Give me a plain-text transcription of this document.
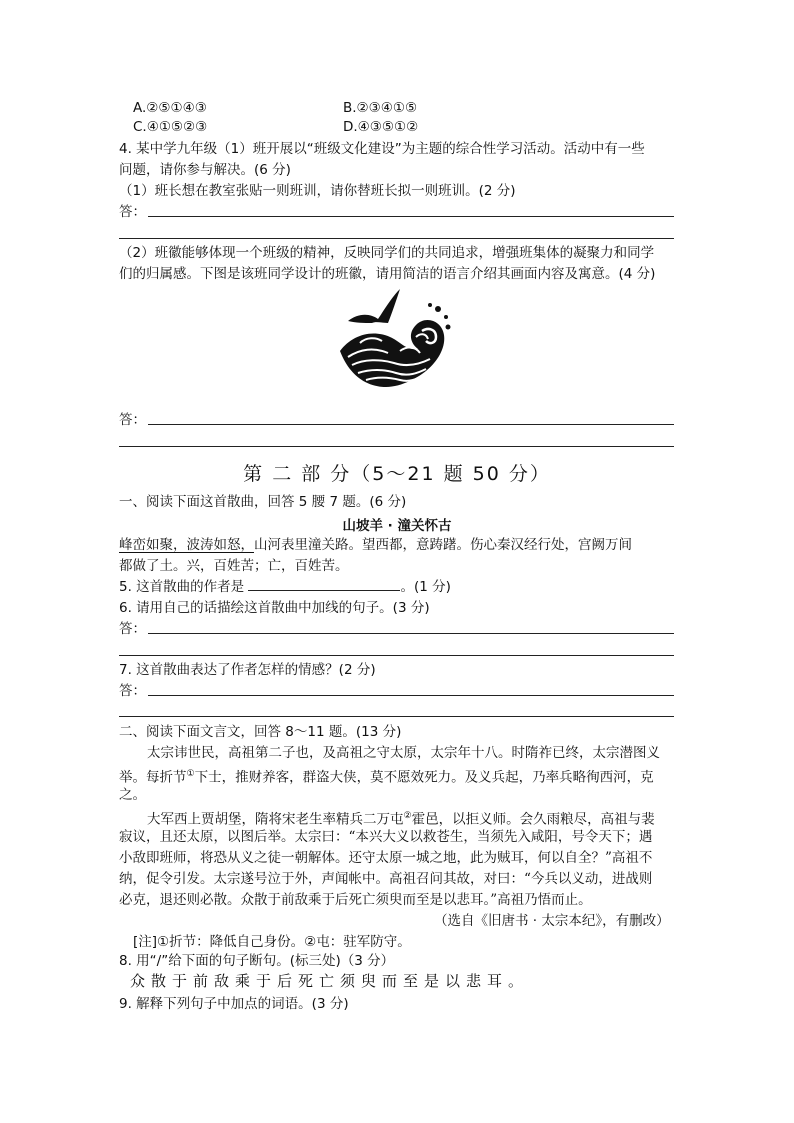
A.②⑤①④③	B.②③④①⑤
C.④①⑤②③	D.④③⑤①②
4. 某中学九年级（1）班开展以“班级文化建设”为主题的综合性学习活动。活动中有一些
问题，请你参与解决。(6 分)
（1）班长想在教室张贴一则班训，请你替班长拟一则班训。(2 分)
答：
（2）班徽能够体现一个班级的精神，反映同学们的共同追求，增强班集体的凝聚力和同学
们的归属感。下图是该班同学设计的班徽，请用简洁的语言介绍其画面内容及寓意。(4 分)
答：
第 二 部 分（5～21 题 50 分）
一、阅读下面这首散曲，回答 5 腰 7 题。(6 分)
山坡羊 · 潼关怀古
峰峦如聚，波涛如怒，山河表里潼关路。望西都，意踌躇。伤心秦汉经行处，宫阙万间
都做了土。兴，百姓苦；亡，百姓苦。
5. 这首散曲的作者是	。(1 分)
6. 请用自己的话描绘这首散曲中加线的句子。(3 分)
答：
7. 这首散曲表达了作者怎样的情感？(2 分)
答：
二、阅读下面文言文，回答 8～11 题。(13 分)
太宗讳世民，高祖第二子也，及高祖之守太原，太宗年十八。时隋祚已终，太宗潜图义
举。每折节①下士，推财养客，群盗大侠，莫不愿效死力。及义兵起，乃率兵略徇西河，克
之。
大军西上贾胡堡，隋将宋老生率精兵二万屯②霍邑，以拒义师。会久雨粮尽，高祖与裴
寂议，且还太原，以图后举。太宗曰：“本兴大义以救苍生，当须先入咸阳，号令天下；遇
小敌即班师，将恐从义之徒一朝解体。还守太原一城之地，此为贼耳，何以自全？”高祖不
纳，促令引发。太宗遂号泣于外，声闻帐中。高祖召问其故，对曰：“今兵以义动，进战则
必克，退还则必散。众散于前敌乘于后死亡须臾而至是以悲耳。”高祖乃悟而止。
（选自《旧唐书 · 太宗本纪》，有删改）
[注]①折节：降低自己身份。②屯：驻军防守。
8. 用“/”给下面的句子断句。(标三处)（3 分）
众散于前敌乘于后死亡须臾而至是以悲耳。
9. 解释下列句子中加点的词语。(3 分)
